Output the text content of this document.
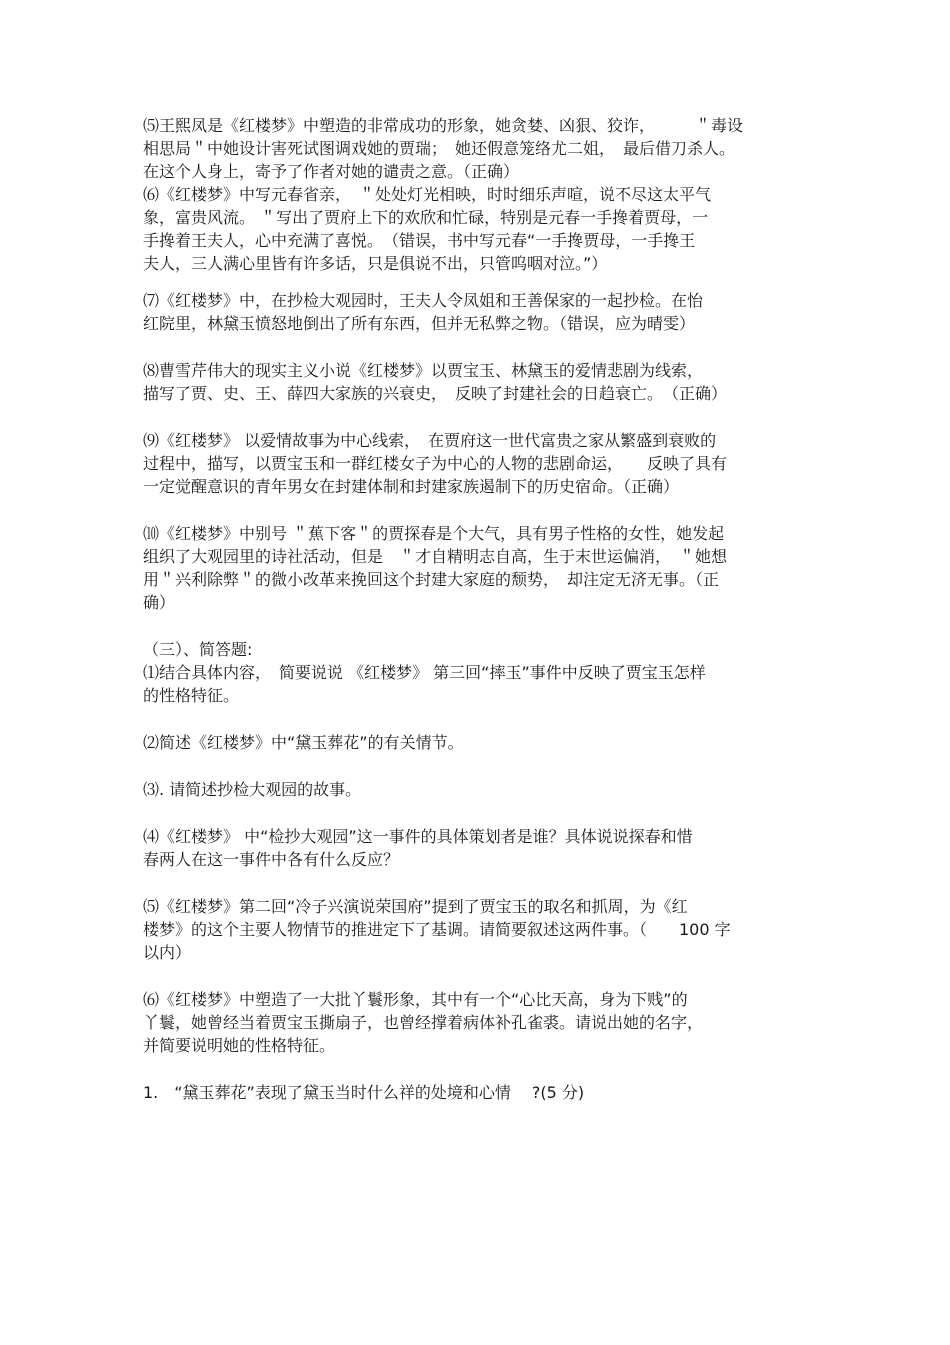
⑸王熙凤是《红楼梦》中塑造的非常成功的形象，她贪婪、凶狠、狡诈，　　　＂毒设
相思局＂中她设计害死试图调戏她的贾瑞；　她还假意笼络尤二姐，　最后借刀杀人。
在这个人身上，寄予了作者对她的谴责之意。（正确）

⑹《红楼梦》中写元春省亲，　＂处处灯光相映，时时细乐声喧，说不尽这太平气
象，富贵风流。 ＂写出了贾府上下的欢欣和忙碌，特别是元春一手搀着贾母，一
手搀着王夫人，心中充满了喜悦。　（错误，书中写元春“一手搀贾母，一手搀王
夫人，三人满心里皆有许多话，只是俱说不出，只管呜咽对泣。”）

⑺《红楼梦》中，在抄检大观园时，王夫人令凤姐和王善保家的一起抄检。在怡
红院里，林黛玉愤怒地倒出了所有东西，但并无私弊之物。（错误，应为晴雯）

⑻曹雪芹伟大的现实主义小说《红楼梦》以贾宝玉、林黛玉的爱情悲剧为线索，
描写了贾、史、王、薛四大家族的兴衰史，　反映了封建社会的日趋衰亡。　（正确）

⑼《红楼梦》 以爱情故事为中心线索，　在贾府这一世代富贵之家从繁盛到衰败的
过程中，描写，以贾宝玉和一群红楼女子为中心的人物的悲剧命运，　　反映了具有
一定觉醒意识的青年男女在封建体制和封建家族遏制下的历史宿命。（正确）

⑽《红楼梦》中别号 ＂蕉下客＂的贾探春是个大气，具有男子性格的女性，她发起
组织了大观园里的诗社活动，但是　＂才自精明志自高，生于末世运偏消，　＂她想
用＂兴利除弊＂的微小改革来挽回这个封建大家庭的颓势，　却注定无济无事。（正
确）

（三）、简答题:

⑴结合具体内容，　简要说说 《红楼梦》 第三回“摔玉”事件中反映了贾宝玉怎样
的性格特征。

⑵简述《红楼梦》中“黛玉葬花”的有关情节。

⑶. 请简述抄检大观园的故事。

⑷《红楼梦》 中“检抄大观园”这一事件的具体策划者是谁？具体说说探春和惜
春两人在这一事件中各有什么反应？

⑸《红楼梦》第二回“冷子兴演说荣国府”提到了贾宝玉的取名和抓周，为《红
楼梦》的这个主要人物情节的推进定下了基调。请简要叙述这两件事。（　　100 字
以内）

⑹《红楼梦》中塑造了一大批丫鬟形象，其中有一个“心比天高，身为下贱”的
丫鬟，她曾经当着贾宝玉撕扇子，也曾经撑着病体补孔雀裘。请说出她的名字，
并简要说明她的性格特征。

1.　“黛玉葬花”表现了黛玉当时什么祥的处境和心情　 ?(5 分)
